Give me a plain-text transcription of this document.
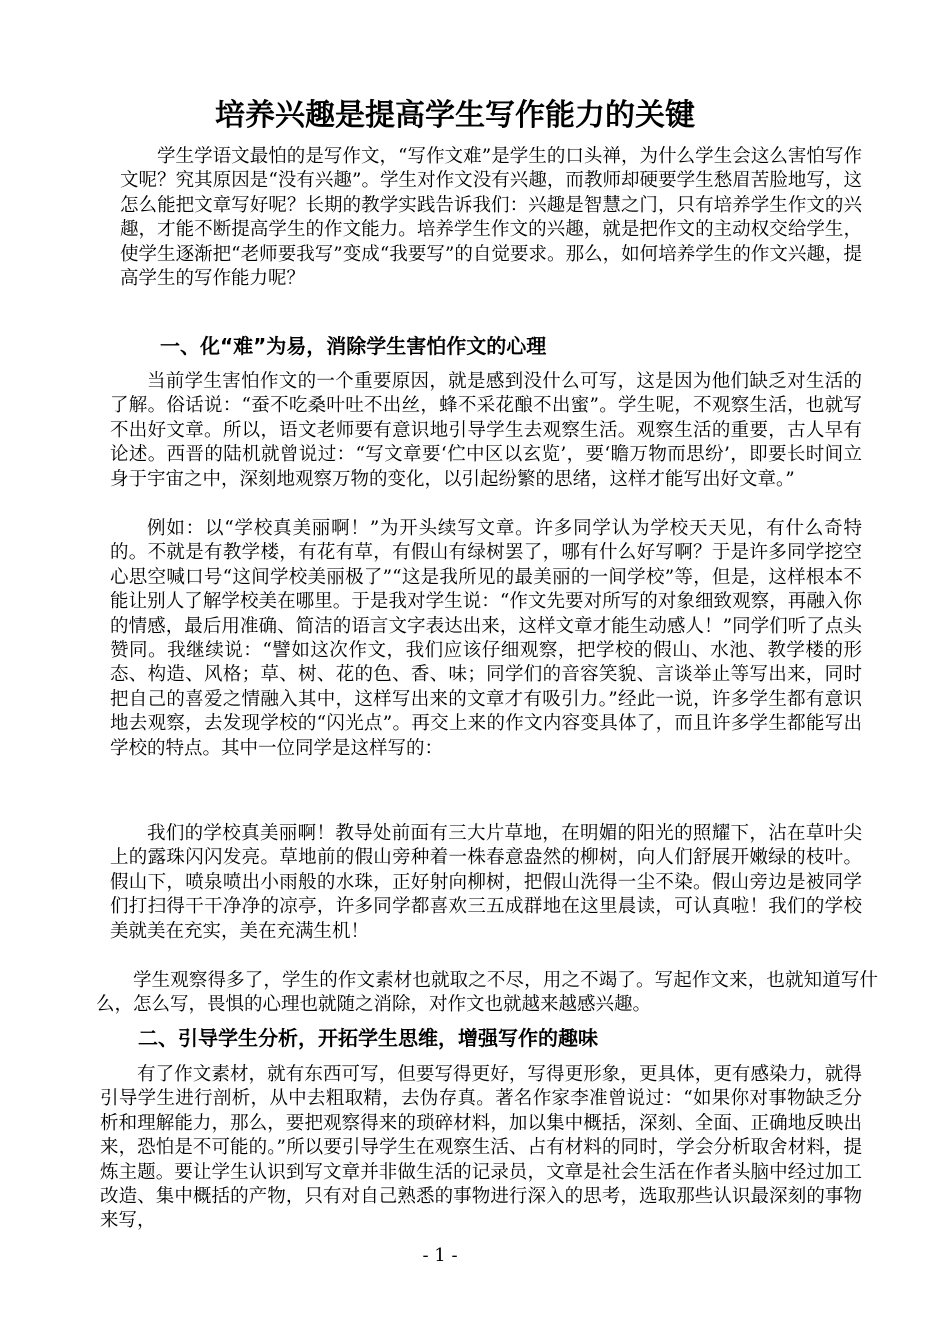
培养兴趣是提高学生写作能力的关键

学生学语文最怕的是写作文，“写作文难”是学生的口头禅，为什么学生会这么害怕写作文呢？究其原因是“没有兴趣”。学生对作文没有兴趣，而教师却硬要学生愁眉苦脸地写，这怎么能把文章写好呢？长期的教学实践告诉我们：兴趣是智慧之门，只有培养学生作文的兴趣，才能不断提高学生的作文能力。培养学生作文的兴趣，就是把作文的主动权交给学生，使学生逐渐把“老师要我写”变成“我要写”的自觉要求。那么，如何培养学生的作文兴趣，提高学生的写作能力呢？

一、化“难”为易，消除学生害怕作文的心理

当前学生害怕作文的一个重要原因，就是感到没什么可写，这是因为他们缺乏对生活的了解。俗话说：“蚕不吃桑叶吐不出丝，蜂不采花酿不出蜜”。学生呢，不观察生活，也就写不出好文章。所以，语文老师要有意识地引导学生去观察生活。观察生活的重要，古人早有论述。西晋的陆机就曾说过：“写文章要‘伫中区以玄览’，要‘瞻万物而思纷’，即要长时间立身于宇宙之中，深刻地观察万物的变化，以引起纷繁的思绪，这样才能写出好文章。”

例如：以“学校真美丽啊！”为开头续写文章。许多同学认为学校天天见，有什么奇特的。不就是有教学楼，有花有草，有假山有绿树罢了，哪有什么好写啊？于是许多同学挖空心思空喊口号“这间学校美丽极了”“这是我所见的最美丽的一间学校”等，但是，这样根本不能让别人了解学校美在哪里。于是我对学生说：“作文先要对所写的对象细致观察，再融入你的情感，最后用准确、简洁的语言文字表达出来，这样文章才能生动感人！”同学们听了点头赞同。我继续说：“譬如这次作文，我们应该仔细观察，把学校的假山、水池、教学楼的形态、构造、风格；草、树、花的色、香、味；同学们的音容笑貌、言谈举止等写出来，同时把自己的喜爱之情融入其中，这样写出来的文章才有吸引力。”经此一说，许多学生都有意识地去观察，去发现学校的“闪光点”。再交上来的作文内容变具体了，而且许多学生都能写出学校的特点。其中一位同学是这样写的：

我们的学校真美丽啊！教导处前面有三大片草地，在明媚的阳光的照耀下，沾在草叶尖上的露珠闪闪发亮。草地前的假山旁种着一株春意盎然的柳树，向人们舒展开嫩绿的枝叶。假山下，喷泉喷出小雨般的水珠，正好射向柳树，把假山洗得一尘不染。假山旁边是被同学们打扫得干干净净的凉亭，许多同学都喜欢三五成群地在这里晨读，可认真啦！我们的学校美就美在充实，美在充满生机！

学生观察得多了，学生的作文素材也就取之不尽，用之不竭了。写起作文来，也就知道写什么，怎么写，畏惧的心理也就随之消除，对作文也就越来越感兴趣。

二、引导学生分析，开拓学生思维，增强写作的趣味

有了作文素材，就有东西可写，但要写得更好，写得更形象，更具体，更有感染力，就得引导学生进行剖析，从中去粗取精，去伪存真。著名作家李准曾说过：“如果你对事物缺乏分析和理解能力，那么，要把观察得来的琐碎材料，加以集中概括，深刻、全面、正确地反映出来，恐怕是不可能的。”所以要引导学生在观察生活、占有材料的同时，学会分析取舍材料，提炼主题。要让学生认识到写文章并非做生活的记录员，文章是社会生活在作者头脑中经过加工改造、集中概括的产物，只有对自己熟悉的事物进行深入的思考，选取那些认识最深刻的事物来写，

- 1 -
